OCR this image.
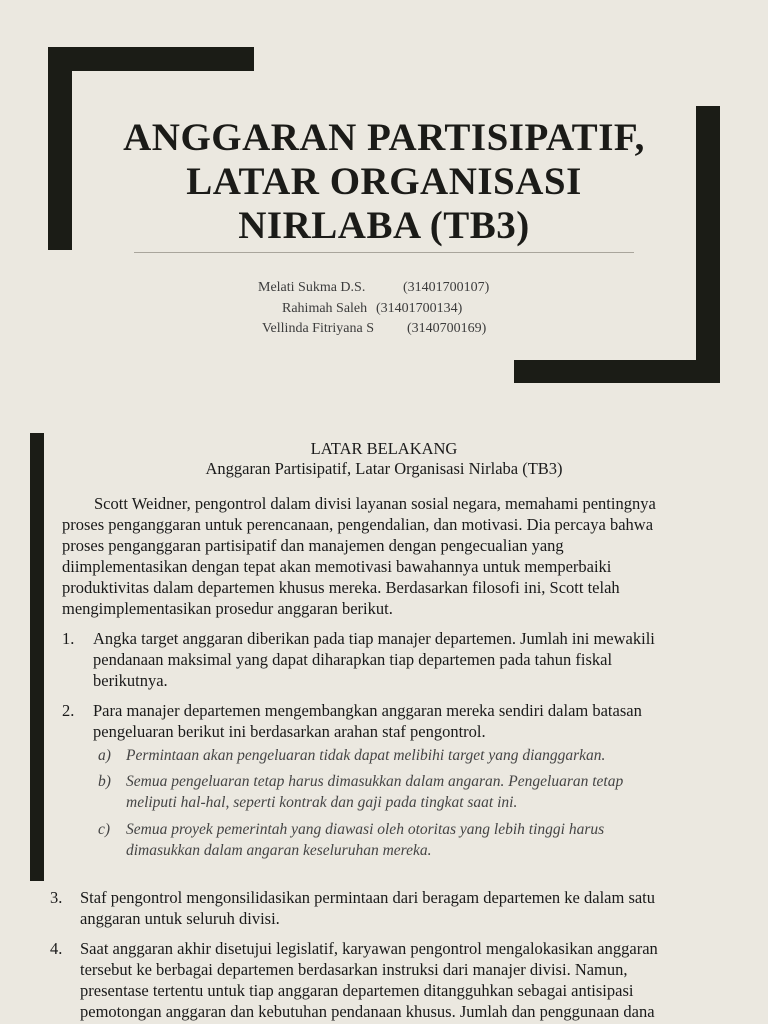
ANGGARAN PARTISIPATIF,
LATAR ORGANISASI
NIRLABA (TB3)
Melati Sukma D.S.	(31401700107)
Rahimah Saleh (31401700134)
Vellinda Fitriyana S (3140700169)
LATAR BELAKANG
Anggaran Partisipatif, Latar Organisasi Nirlaba (TB3)
Scott Weidner, pengontrol dalam divisi layanan sosial negara, memahami pentingnya
proses penganggaran untuk perencanaan, pengendalian, dan motivasi. Dia percaya bahwa
proses penganggaran partisipatif dan manajemen dengan pengecualian yang
diimplementasikan dengan tepat akan memotivasi bawahannya untuk memperbaiki
produktivitas dalam departemen khusus mereka. Berdasarkan filosofi ini, Scott telah
mengimplementasikan prosedur anggaran berikut.
1. Angka target anggaran diberikan pada tiap manajer departemen. Jumlah ini mewakili
pendanaan maksimal yang dapat diharapkan tiap departemen pada tahun fiskal
berikutnya.
2. Para manajer departemen mengembangkan anggaran mereka sendiri dalam batasan
pengeluaran berikut ini berdasarkan arahan staf pengontrol.
a) Permintaan akan pengeluaran tidak dapat melibihi target yang dianggarkan.
b) Semua pengeluaran tetap harus dimasukkan dalam angaran. Pengeluaran tetap
meliputi hal-hal, seperti kontrak dan gaji pada tingkat saat ini.
c) Semua proyek pemerintah yang diawasi oleh otoritas yang lebih tinggi harus
dimasukkan dalam angaran keseluruhan mereka.
3. Staf pengontrol mengonsilidasikan permintaan dari beragam departemen ke dalam satu
anggaran untuk seluruh divisi.
4. Saat anggaran akhir disetujui legislatif, karyawan pengontrol mengalokasikan anggaran
tersebut ke berbagai departemen berdasarkan instruksi dari manajer divisi. Namun,
presentase tertentu untuk tiap anggaran departemen ditangguhkan sebagai antisipasi
pemotongan anggaran dan kebutuhan pendanaan khusus. Jumlah dan penggunaan dana
